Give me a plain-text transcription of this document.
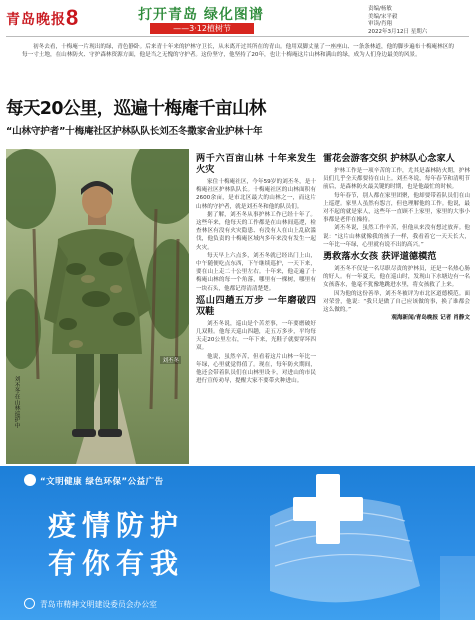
青岛晚报 8	打开青岛 绿化图谱
——3·12植树节
责编/杨敏
美编/宋平毅
审读/肖翔
2022年3月12日 星期六

初冬去看，十梅庵一片现出的绿，青色静卧。后来青十年来的护林守卫长，从未离开过其所在的青山。他用双脚丈量了一座座山、一条条林道，他的脚步遍布十梅庵林区的每一寸土地，在山林防火、守护森林资源方面，他是当之无愧的守护者。这份坚守，他坚持了20年，也让十梅庵这片山林和满山的绿，成为人们身边最美的风景。

每天20公里，巡遍十梅庵千亩山林
“山林守护者”十梅庵社区护林队队长刘丕冬撒家舍业护林十年
刘丕冬
刘丕冬在山林巡护中
两千六百亩山林 十年来发生火灾

家住十梅庵社区，今年59岁的刘丕冬，是十梅庵社区护林队队长。十梅庵社区的山林面积有2600余亩，是市北区最大的山林之一，而这片山林的守护者，就是刘丕冬和他的队员们。

据了解，刘丕冬从事护林工作已经十年了。这些年来，他每天的工作都是在山林间巡逻，检查林区有没有火灾隐患、有没有人在山上乱砍滥伐，他负责的十梅庵区域内多年来没有发生一起火灾。

每天早上六点多，刘丕冬就已经出门上山，中午随便吃点东西，下午继续巡护，一天下来，要在山上走二十公里左右。十年来，他走遍了十梅庵山林的每一个角落，哪里有一棵树，哪里有一块石头，他都记得清清楚楚。

巡山四趟五万步 一年磨破四双鞋

刘丕冬说，巡山是个苦差事，一年要磨破好几双鞋。他每天巡山四趟，走五万多步，平均每天走20公里左右，一年下来，光鞋子就要穿坏四双。

他说，虽然辛苦，但看着这片山林一年比一年绿，心里就觉得值了。现在，每年防火期间，他还会带着队员们在山林里设卡，对进山的市民进行宣传劝导，提醒大家不要带火种进山。

雷花会游客交织 护林队心念家人

护林工作是一项辛苦的工作，尤其是森林防火期，护林员们几乎全天都要待在山上。刘丕冬说，每年春节和清明节前后，是森林防火最关键的时期，也是他最忙的时候。

每年春节，别人都在家里团聚，他却要带着队员们在山上巡逻。家里人虽然有怨言，但也理解他的工作。他说，最对不起的就是家人，这些年一直顾不上家里，家里的大事小事都是老伴在操持。

刘丕冬说，虽然工作辛苦，但他从来没有想过放弃。他说：“这片山林就像我的孩子一样，我看着它一天天长大，一年比一年绿，心里就有说不出的高兴。”

勇救落水女孩 获评道德模范

刘丕冬不仅是一名尽职尽责的护林员，还是一名热心肠的好人。有一年夏天，他在巡山时，发现山下水塘边有一名女孩落水，他毫不犹豫地跳进水里，将女孩救了上来。

因为他的这份善举，刘丕冬被评为市北区道德模范。面对荣誉，他说：“我只是做了自己应该做的事，换了谁都会这么做的。”

观海新闻/青岛晚报 记者 肖静文

“文明健康 绿色环保”公益广告
疫情防护
有你有我
青岛市精神文明建设委员会办公室
